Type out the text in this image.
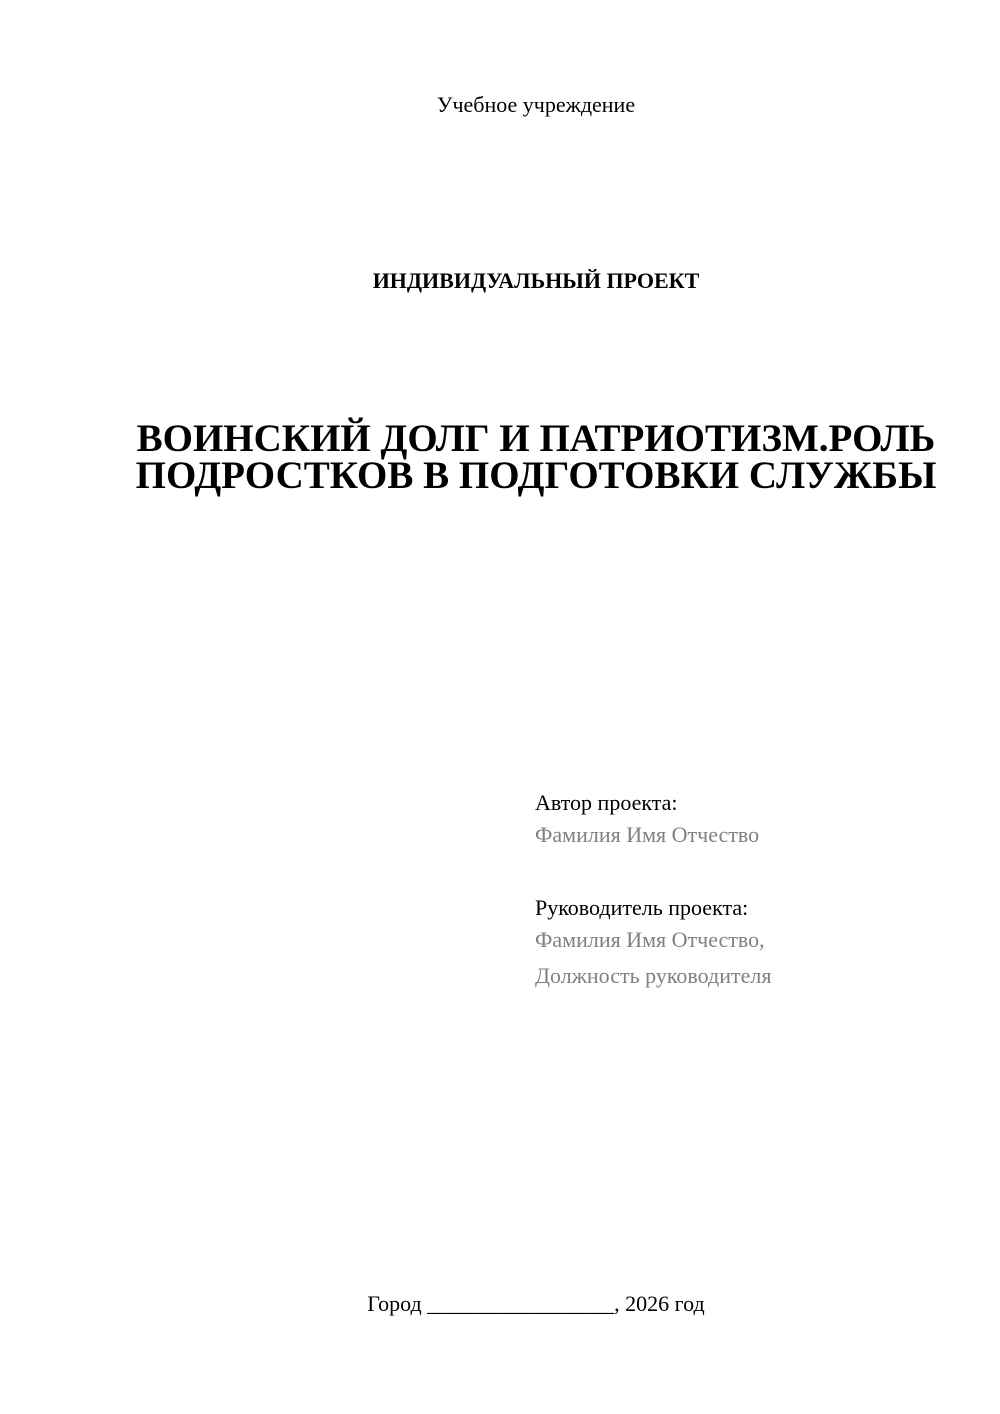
Учебное учреждение

ИНДИВИДУАЛЬНЫЙ ПРОЕКТ

ВОИНСКИЙ ДОЛГ И ПАТРИОТИЗМ.РОЛЬ ПОДРОСТКОВ В ПОДГОТОВКИ СЛУЖБЫ

Автор проекта:

Фамилия Имя Отчество

Руководитель проекта:

Фамилия Имя Отчество,

Должность руководителя

Город _________________, 2026 год
